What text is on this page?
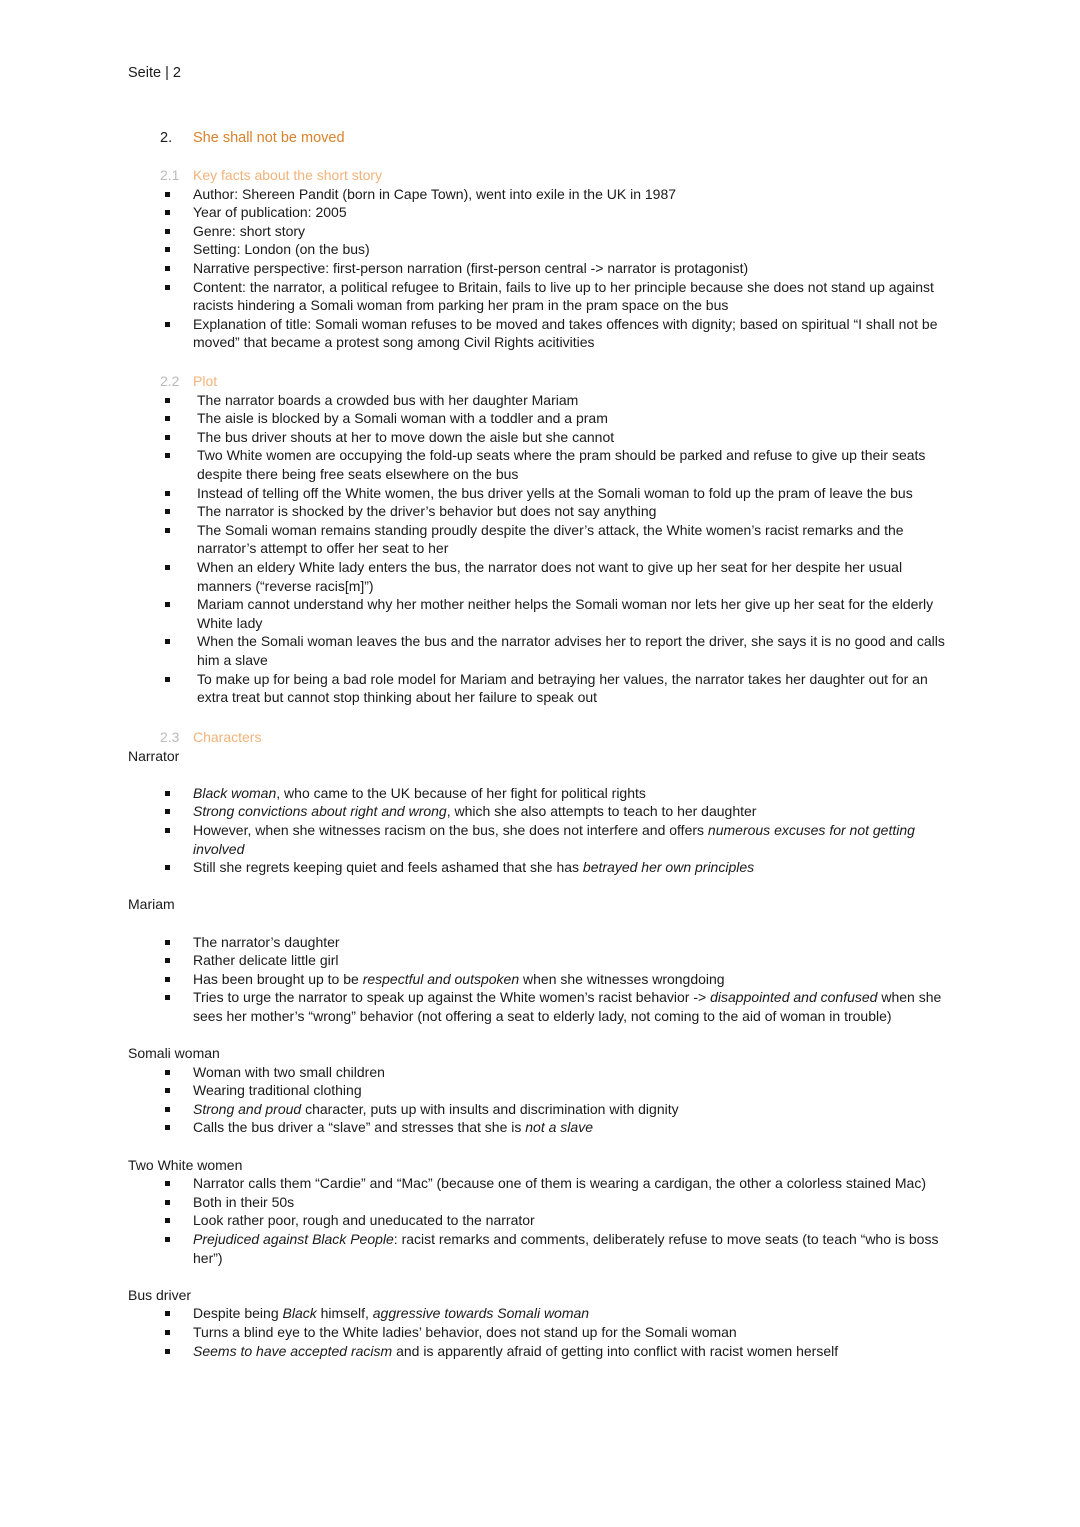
Seite | 2
2.	She shall not be moved
2.1 Key facts about the short story
Author: Shereen Pandit (born in Cape Town), went into exile in the UK in 1987
Year of publication: 2005
Genre: short story
Setting: London (on the bus)
Narrative perspective: first-person narration (first-person central -> narrator is protagonist)
Content: the narrator, a political refugee to Britain, fails to live up to her principle because she does not stand up against racists hindering a Somali woman from parking her pram in the pram space on the bus
Explanation of title: Somali woman refuses to be moved and takes offences with dignity; based on spiritual “I shall not be moved” that became a protest song among Civil Rights acitivities
2.2 Plot
The narrator boards a crowded bus with her daughter Mariam
The aisle is blocked by a Somali woman with a toddler and a pram
The bus driver shouts at her to move down the aisle but she cannot
Two White women are occupying the fold-up seats where the pram should be parked and refuse to give up their seats despite there being free seats elsewhere on the bus
Instead of telling off the White women, the bus driver yells at the Somali woman to fold up the pram of leave the bus
The narrator is shocked by the driver’s behavior but does not say anything
The Somali woman remains standing proudly despite the diver’s attack, the White women’s racist remarks and the narrator’s attempt to offer her seat to her
When an eldery White lady enters the bus, the narrator does not want to give up her seat for her despite her usual manners (“reverse racis[m]”)
Mariam cannot understand why her mother neither helps the Somali woman nor lets her give up her seat for the elderly White lady
When the Somali woman leaves the bus and the narrator advises her to report the driver, she says it is no good and calls him a slave
To make up for being a bad role model for Mariam and betraying her values, the narrator takes her daughter out for an extra treat but cannot stop thinking about her failure to speak out
2.3 Characters
Narrator
Black woman, who came to the UK because of her fight for political rights
Strong convictions about right and wrong, which she also attempts to teach to her daughter
However, when she witnesses racism on the bus, she does not interfere and offers numerous excuses for not getting involved
Still she regrets keeping quiet and feels ashamed that she has betrayed her own principles
Mariam
The narrator’s daughter
Rather delicate little girl
Has been brought up to be respectful and outspoken when she witnesses wrongdoing
Tries to urge the narrator to speak up against the White women’s racist behavior -> disappointed and confused when she sees her mother’s “wrong” behavior (not offering a seat to elderly lady, not coming to the aid of woman in trouble)
Somali woman
Woman with two small children
Wearing traditional clothing
Strong and proud character, puts up with insults and discrimination with dignity
Calls the bus driver a “slave” and stresses that she is not a slave
Two White women
Narrator calls them “Cardie” and “Mac” (because one of them is wearing a cardigan, the other a colorless stained Mac)
Both in their 50s
Look rather poor, rough and uneducated to the narrator
Prejudiced against Black People: racist remarks and comments, deliberately refuse to move seats (to teach “who is boss her”)
Bus driver
Despite being Black himself, aggressive towards Somali woman
Turns a blind eye to the White ladies’ behavior, does not stand up for the Somali woman
Seems to have accepted racism and is apparently afraid of getting into conflict with racist women herself
